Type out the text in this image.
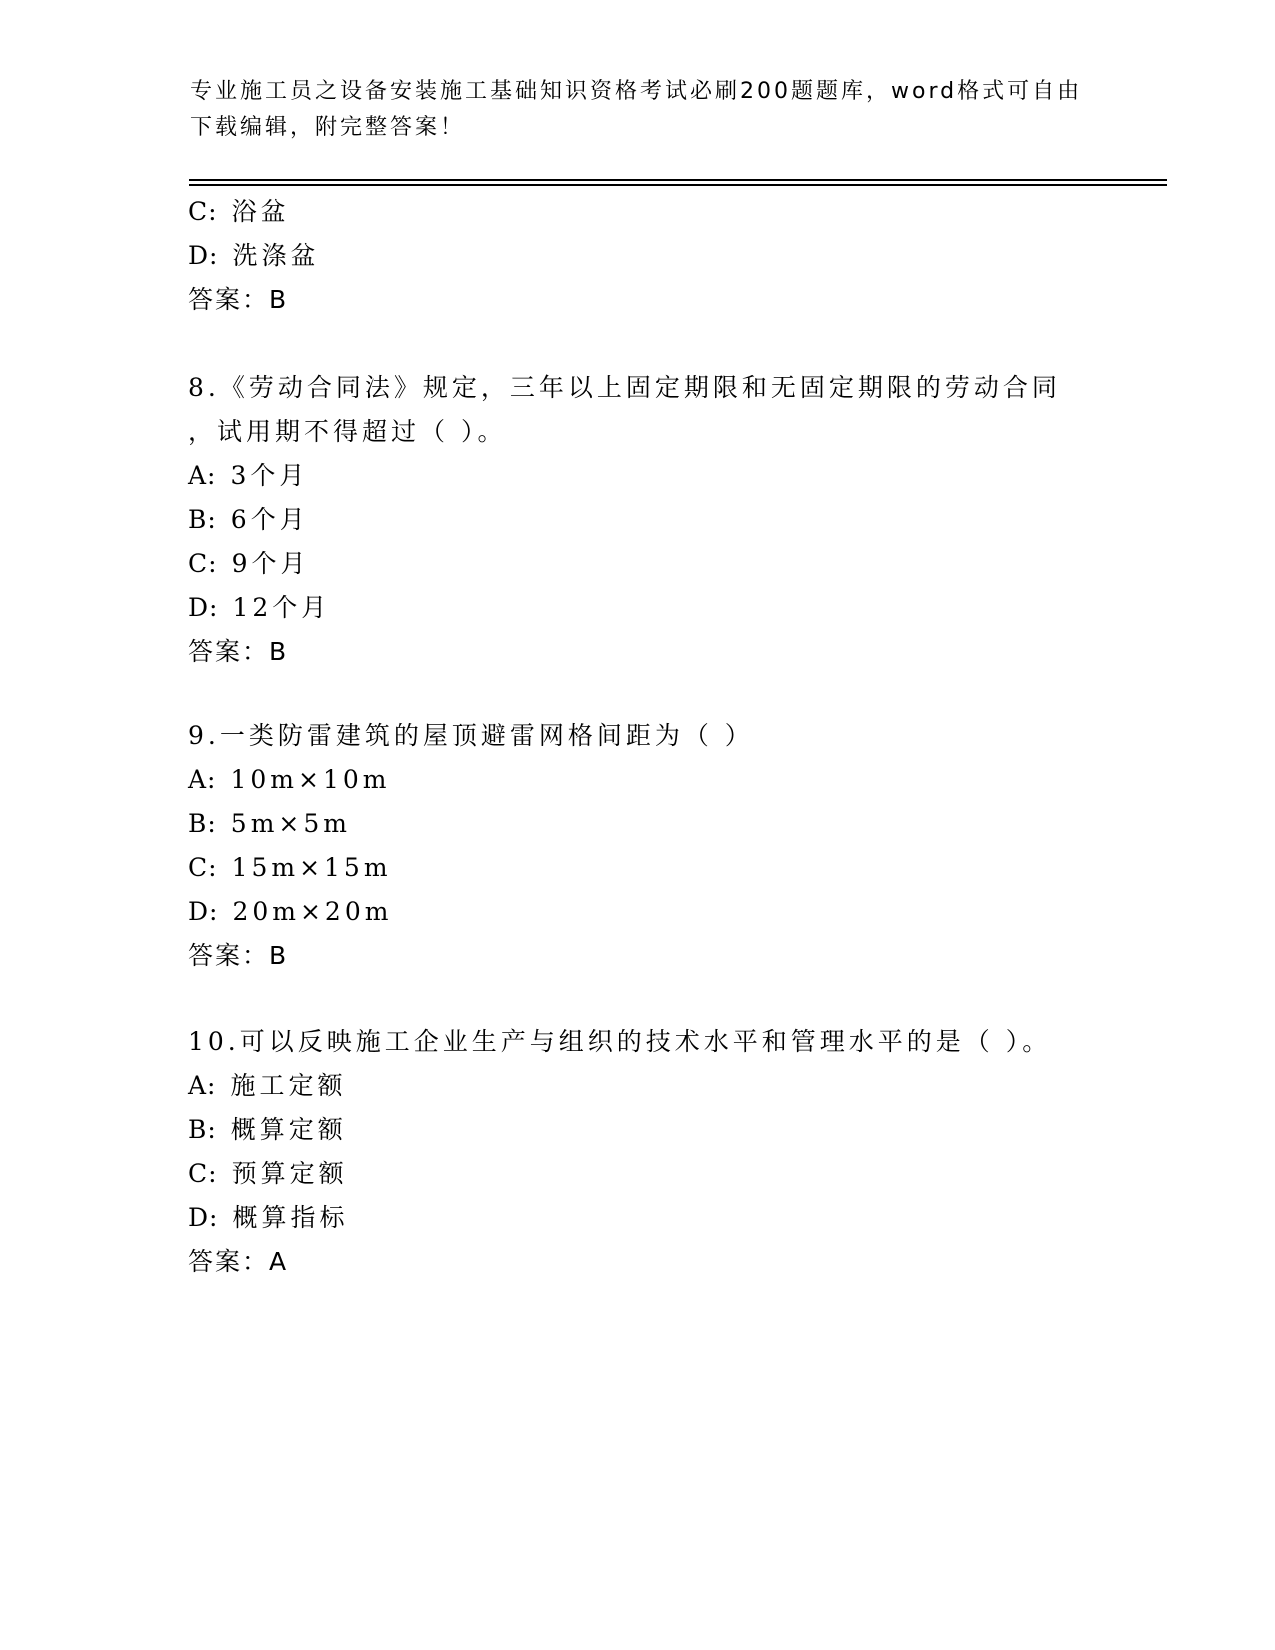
专业施工员之设备安装施工基础知识资格考试必刷200题题库，word格式可自由
下载编辑，附完整答案！
C: 浴盆
D: 洗涤盆
答案：B
8.《劳动合同法》规定，三年以上固定期限和无固定期限的劳动合同
，试用期不得超过（ ）。
A: 3个月
B: 6个月
C: 9个月
D: 12个月
答案：B
9.一类防雷建筑的屋顶避雷网格间距为（ ）
A: 10m×10m
B: 5m×5m
C: 15m×15m
D: 20m×20m
答案：B
10.可以反映施工企业生产与组织的技术水平和管理水平的是（ ）。
A: 施工定额
B: 概算定额
C: 预算定额
D: 概算指标
答案：A
